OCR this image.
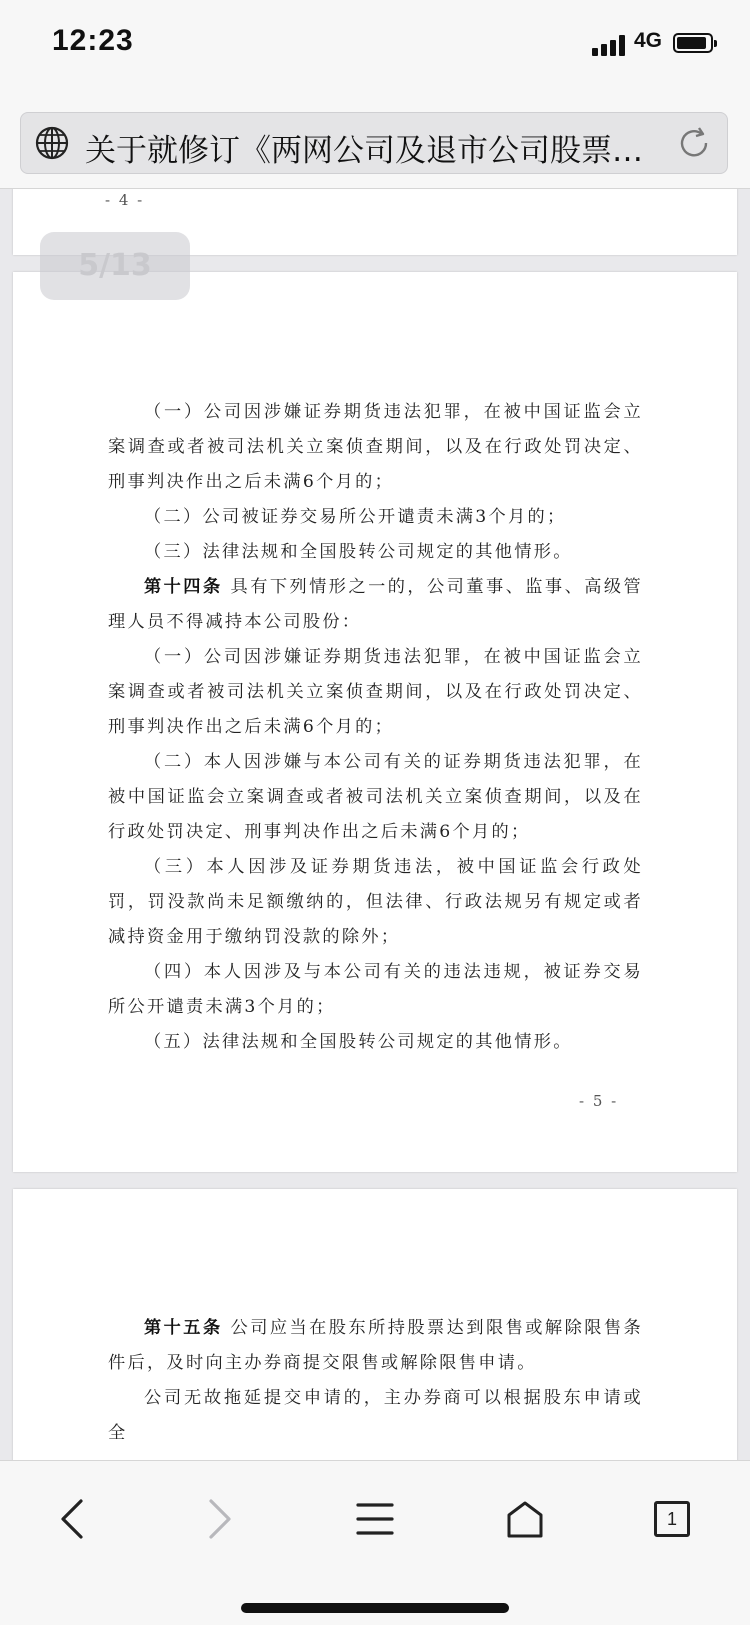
12:23	4G
关于就修订《两网公司及退市公司股票…
- 4 -

（一）公司因涉嫌证券期货违法犯罪，在被中国证监会立案调查或者被司法机关立案侦查期间，以及在行政处罚决定、刑事判决作出之后未满6个月的；

（二）公司被证券交易所公开谴责未满3个月的；

（三）法律法规和全国股转公司规定的其他情形。

第十四条 具有下列情形之一的，公司董事、监事、高级管理人员不得减持本公司股份：

（一）公司因涉嫌证券期货违法犯罪，在被中国证监会立案调查或者被司法机关立案侦查期间，以及在行政处罚决定、刑事判决作出之后未满6个月的；

（二）本人因涉嫌与本公司有关的证券期货违法犯罪，在被中国证监会立案调查或者被司法机关立案侦查期间，以及在行政处罚决定、刑事判决作出之后未满6个月的；

（三）本人因涉及证券期货违法，被中国证监会行政处罚，罚没款尚未足额缴纳的，但法律、行政法规另有规定或者减持资金用于缴纳罚没款的除外；

（四）本人因涉及与本公司有关的违法违规，被证券交易所公开谴责未满3个月的；

（五）法律法规和全国股转公司规定的其他情形。

- 5 -

第十五条 公司应当在股东所持股票达到限售或解除限售条件后，及时向主办券商提交限售或解除限售申请。

公司无故拖延提交申请的，主办券商可以根据股东申请或全

5/13
1
